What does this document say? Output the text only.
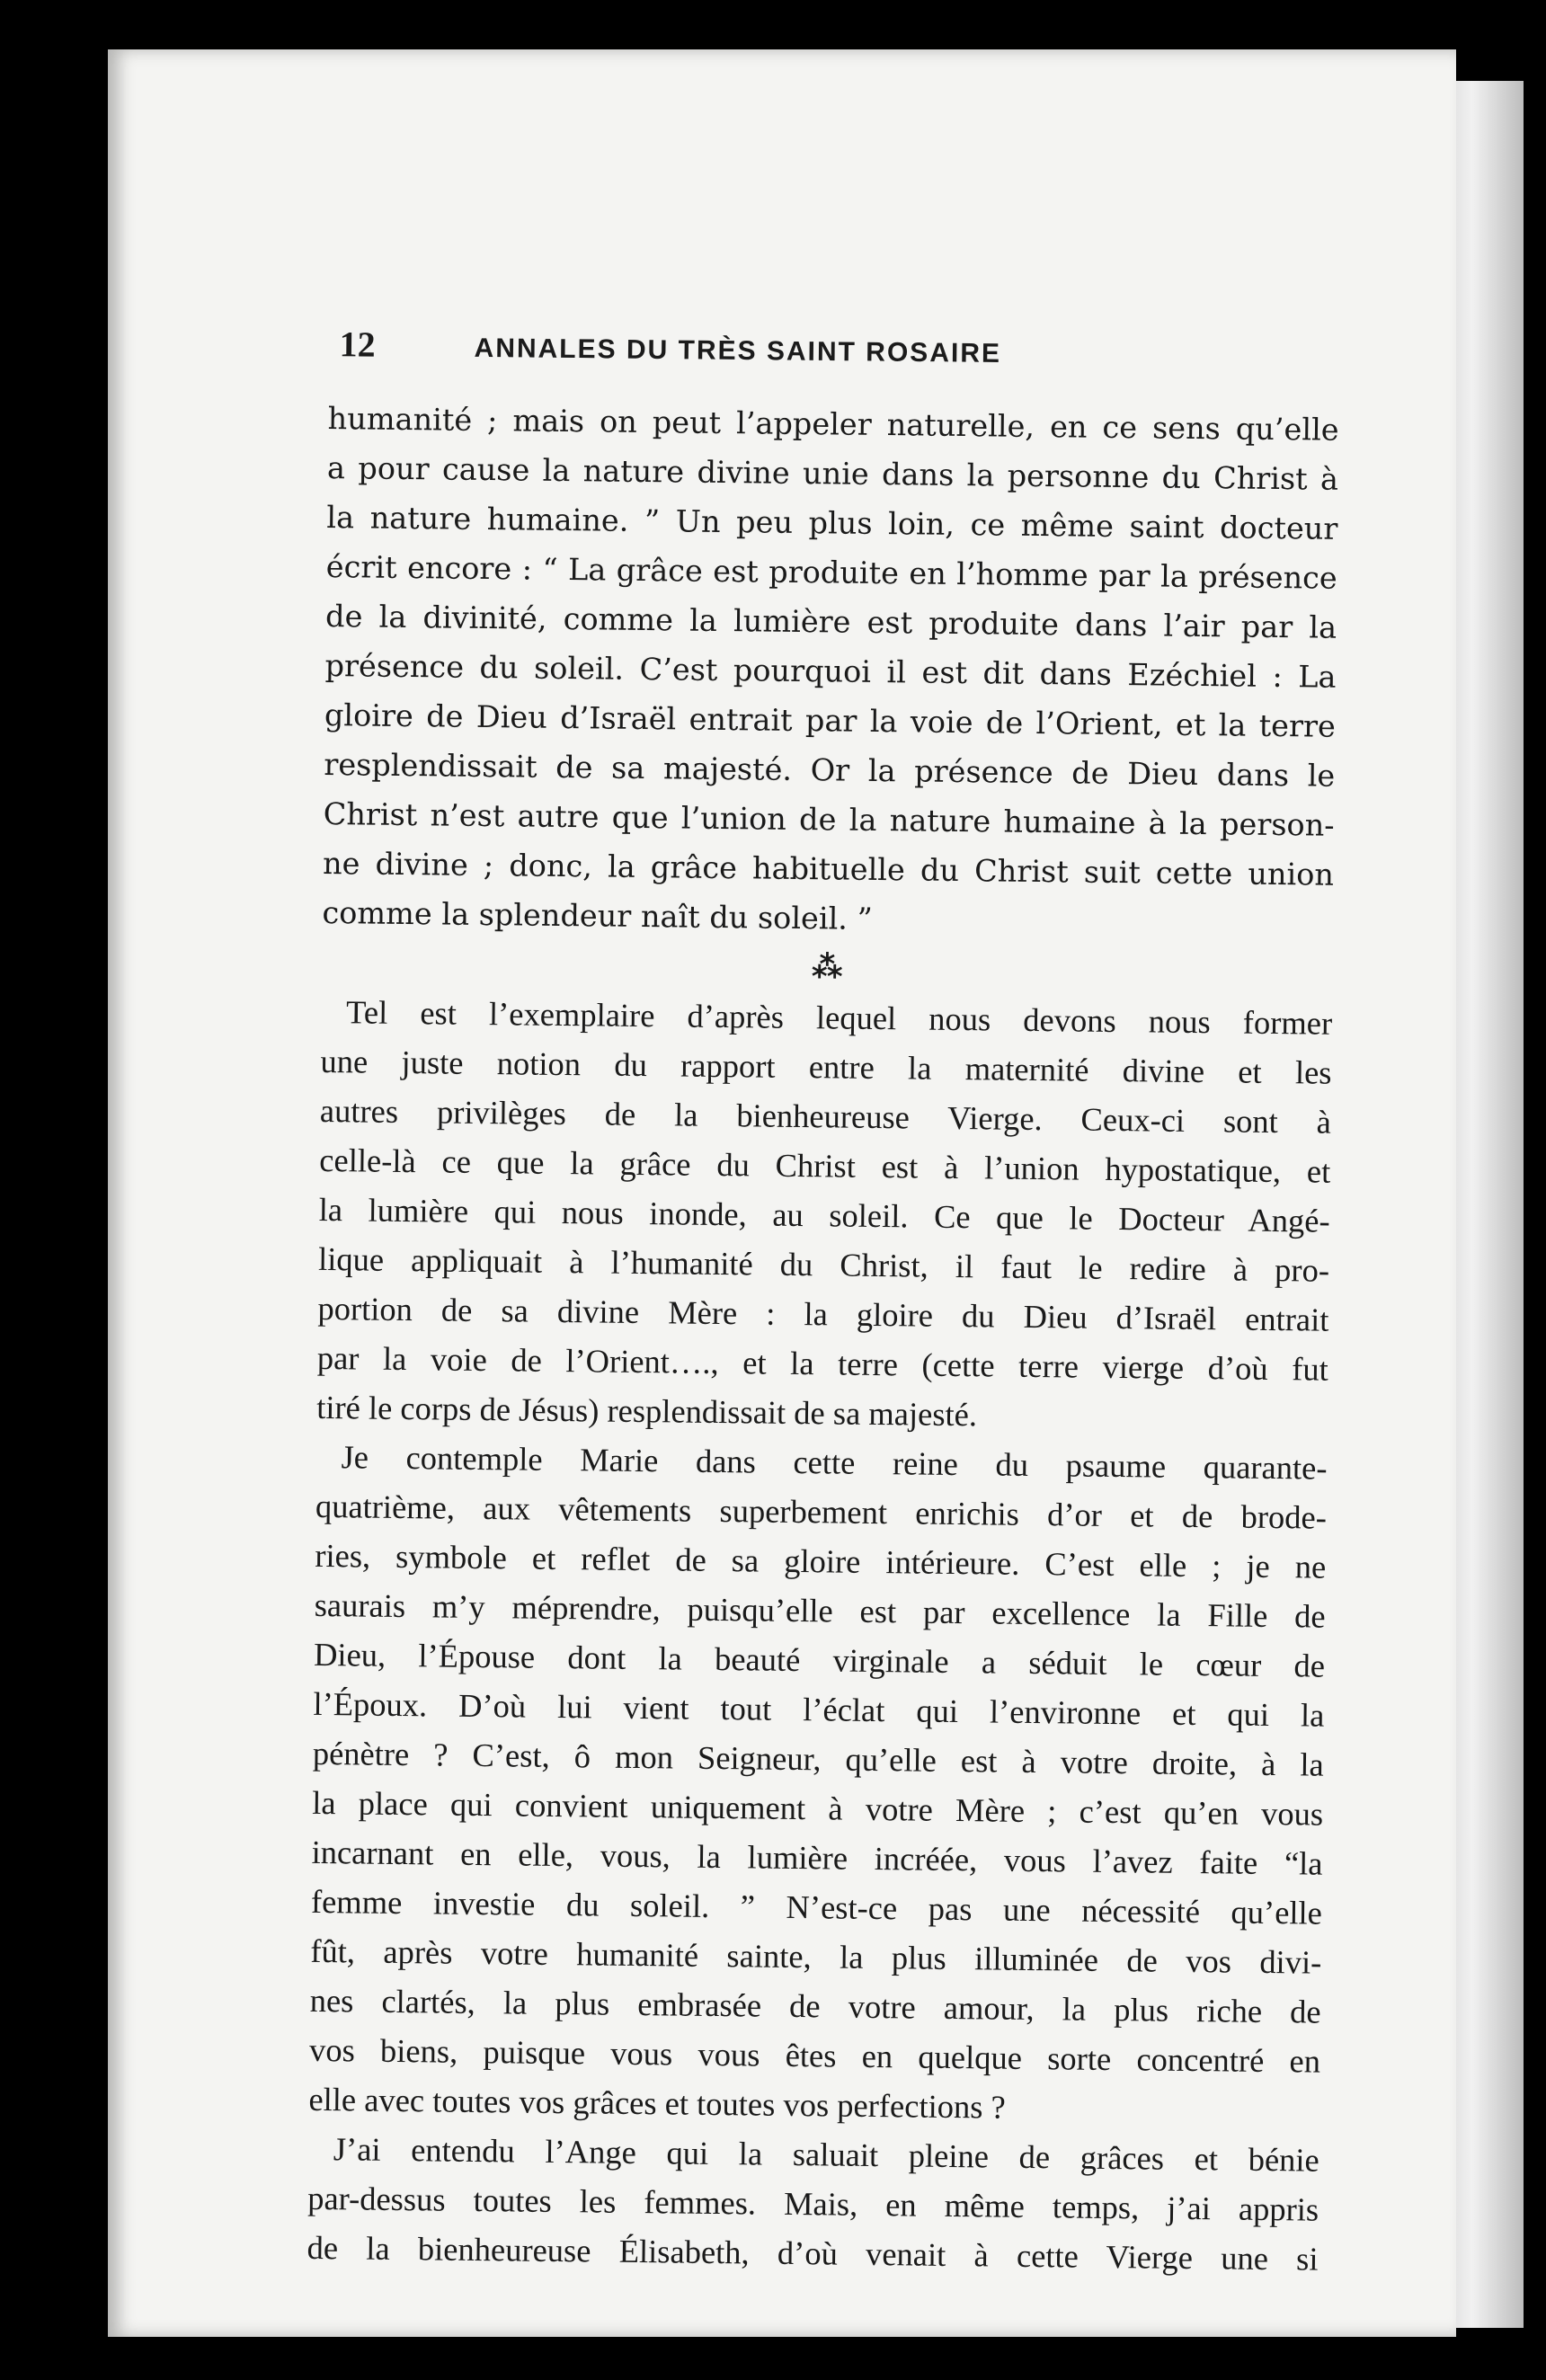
12	ANNALES DU TRÈS SAINT ROSAIRE
humanité ; mais on peut l’appeler naturelle, en ce sens qu’elle
a pour cause la nature divine unie dans la personne du Christ à
la nature humaine. ” Un peu plus loin, ce même saint docteur
écrit encore : “ La grâce est produite en l’homme par la présence
de la divinité, comme la lumière est produite dans l’air par la
présence du soleil. C’est pourquoi il est dit dans Ezéchiel : La
gloire de Dieu d’Israël entrait par la voie de l’Orient, et la terre
resplendissait de sa majesté. Or la présence de Dieu dans le
Christ n’est autre que l’union de la nature humaine à la person-
ne divine ; donc, la grâce habituelle du Christ suit cette union
comme la splendeur naît du soleil. ”
⁂
Tel est l’exemplaire d’après lequel nous devons nous former
une juste notion du rapport entre la maternité divine et les
autres privilèges de la bienheureuse Vierge. Ceux-ci sont à
celle-là ce que la grâce du Christ est à l’union hypostatique, et
la lumière qui nous inonde, au soleil. Ce que le Docteur Angé-
lique appliquait à l’humanité du Christ, il faut le redire à pro-
portion de sa divine Mère : la gloire du Dieu d’Israël entrait
par la voie de l’Orient…., et la terre (cette terre vierge d’où fut
tiré le corps de Jésus) resplendissait de sa majesté.
Je contemple Marie dans cette reine du psaume quarante-
quatrième, aux vêtements superbement enrichis d’or et de brode-
ries, symbole et reflet de sa gloire intérieure. C’est elle ; je ne
saurais m’y méprendre, puisqu’elle est par excellence la Fille de
Dieu, l’Épouse dont la beauté virginale a séduit le cœur de
l’Époux. D’où lui vient tout l’éclat qui l’environne et qui la
pénètre ? C’est, ô mon Seigneur, qu’elle est à votre droite, à la
la place qui convient uniquement à votre Mère ; c’est qu’en vous
incarnant en elle, vous, la lumière incréée, vous l’avez faite “la
femme investie du soleil. ” N’est-ce pas une nécessité qu’elle
fût, après votre humanité sainte, la plus illuminée de vos divi-
nes clartés, la plus embrasée de votre amour, la plus riche de
vos biens, puisque vous vous êtes en quelque sorte concentré en
elle avec toutes vos grâces et toutes vos perfections ?
J’ai entendu l’Ange qui la saluait pleine de grâces et bénie
par-dessus toutes les femmes. Mais, en même temps, j’ai appris
de la bienheureuse Élisabeth, d’où venait à cette Vierge une si
